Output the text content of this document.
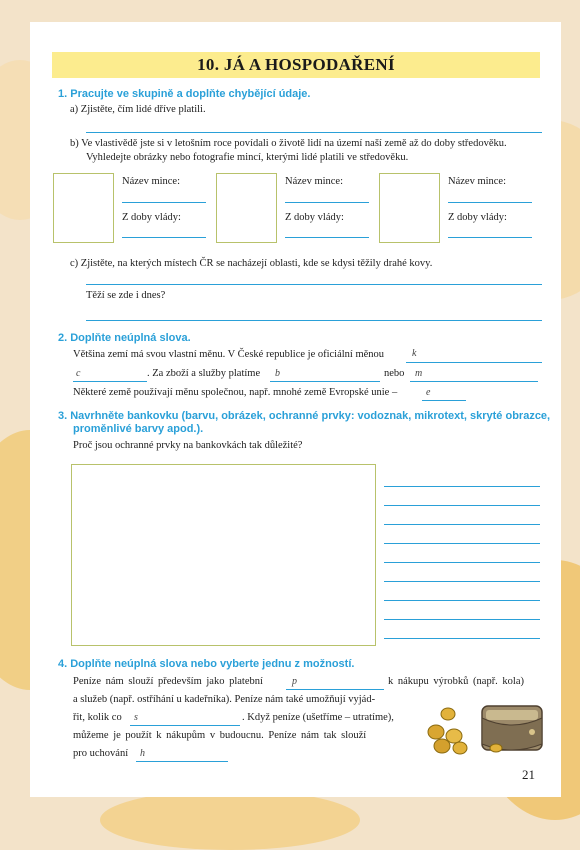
10. JÁ A HOSPODAŘENÍ
1. Pracujte ve skupině a doplňte chybějící údaje.
a) Zjistěte, čím lidé dříve platili.
b) Ve vlastivědě jste si v letošním roce povídali o životě lidí na území naší země až do doby středověku.
Vyhledejte obrázky nebo fotografie mincí, kterými lidé platili ve středověku.
Název mince:
Z doby vlády:
Název mince:
Z doby vlády:
Název mince:
Z doby vlády:
c) Zjistěte, na kterých místech ČR se nacházejí oblasti, kde se kdysi těžily drahé kovy.
Těží se zde i dnes?
2. Doplňte neúplná slova.
Většina zemí má svou vlastní měnu. V České republice je oficiální měnou	k
c	. Za zboží a služby platíme b	nebo m
Některé země používají měnu společnou, např. mnohé země Evropské unie –	e
3. Navrhněte bankovku (barvu, obrázek, ochranné prvky: vodoznak, mikrotext, skryté obrazce,
proměnlivé barvy apod.).
Proč jsou ochranné prvky na bankovkách tak důležité?
4. Doplňte neúplná slova nebo vyberte jednu z možností.
Peníze nám slouží především jako platební	p	k nákupu výrobků (např. kola)
a služeb (např. ostříhání u kadeřníka). Peníze nám také umožňují vyjád-
řit, kolik co s	. Když peníze (ušetříme – utratíme),
můžeme je použít k nákupům v budoucnu. Peníze nám tak slouží
pro uchování h
21
